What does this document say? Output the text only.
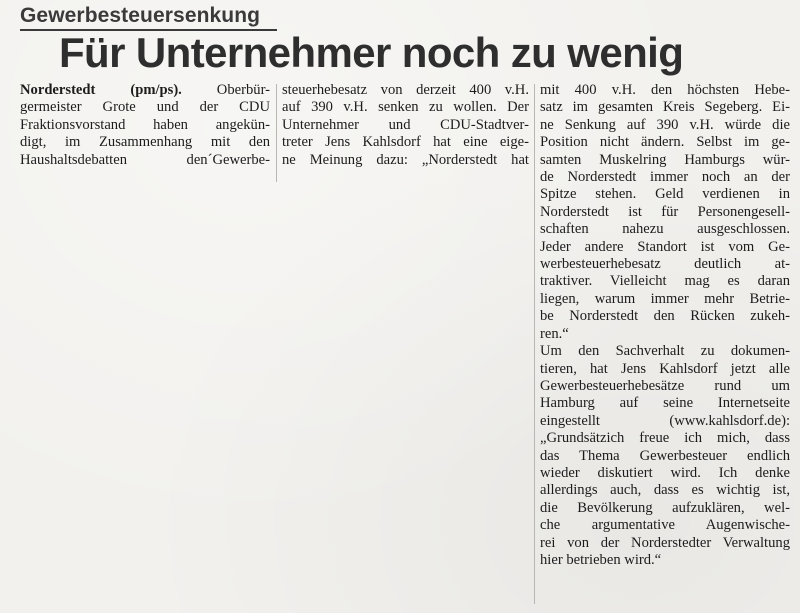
Gewerbesteuersenkung
Für Unternehmer noch zu wenig
Norderstedt (pm/ps). Oberbür-
germeister Grote und der CDU
Fraktionsvorstand haben angekün-
digt, im Zusammenhang mit den
Haushaltsdebatten den´Gewerbe-
steuerhebesatz von derzeit 400 v.H.
auf 390 v.H. senken zu wollen. Der
Unternehmer und CDU-Stadtver-
treter Jens Kahlsdorf hat eine eige-
ne Meinung dazu: „Norderstedt hat
mit 400 v.H. den höchsten Hebe-
satz im gesamten Kreis Segeberg. Ei-
ne Senkung auf 390 v.H. würde die
Position nicht ändern. Selbst im ge-
samten Muskelring Hamburgs wür-
de Norderstedt immer noch an der
Spitze stehen. Geld verdienen in
Norderstedt ist für Personengesell-
schaften nahezu ausgeschlossen.
Jeder andere Standort ist vom Ge-
werbesteuerhebesatz deutlich at-
traktiver. Vielleicht mag es daran
liegen, warum immer mehr Betrie-
be Norderstedt den Rücken zukeh-
ren.“
Um den Sachverhalt zu dokumen-
tieren, hat Jens Kahlsdorf jetzt alle
Gewerbesteuerhebesätze rund um
Hamburg auf seine Internetseite
eingestellt (www.kahlsdorf.de):
„Grundsätzich freue ich mich, dass
das Thema Gewerbesteuer endlich
wieder diskutiert wird. Ich denke
allerdings auch, dass es wichtig ist,
die Bevölkerung aufzuklären, wel-
che argumentative Augenwische-
rei von der Norderstedter Verwaltung
hier betrieben wird.“
